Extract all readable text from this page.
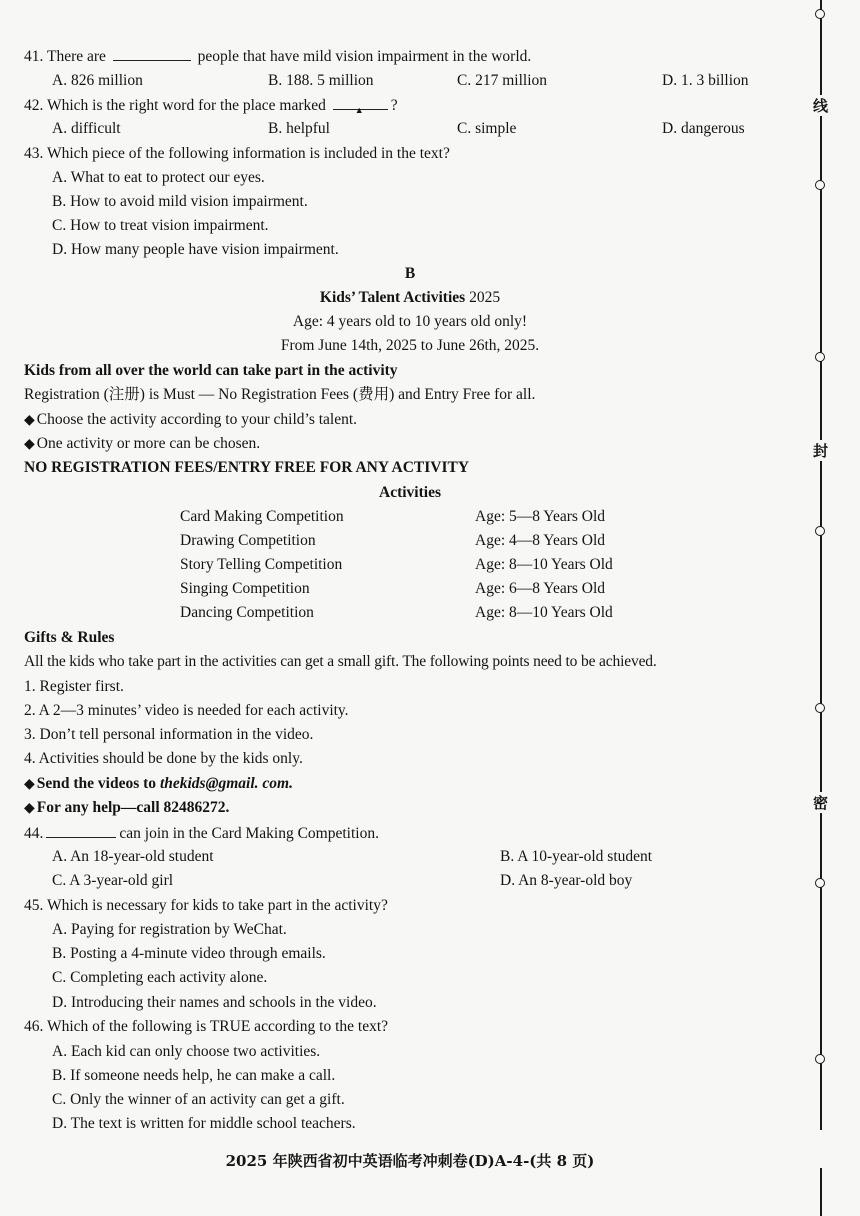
41. There are	people that have mild vision impairment in the world.
A. 826 million	B. 188. 5 million	C. 217 million	D. 1. 3 billion
42. Which is the right word for the place marked	▲ ?
A. difficult	B. helpful	C. simple	D. dangerous
43. Which piece of the following information is included in the text?
A. What to eat to protect our eyes.
B. How to avoid mild vision impairment.
C. How to treat vision impairment.
D. How many people have vision impairment.
B
Kids’ Talent Activities 2025
Age: 4 years old to 10 years old only!
From June 14th, 2025 to June 26th, 2025.
Kids from all over the world can take part in the activity
Registration (注册) is Must — No Registration Fees (费用) and Entry Free for all.
◆ Choose the activity according to your child’s talent.
◆ One activity or more can be chosen.
NO REGISTRATION FEES/ENTRY FREE FOR ANY ACTIVITY
Activities
Card Making Competition	Age: 5—8 Years Old
Drawing Competition	Age: 4—8 Years Old
Story Telling Competition	Age: 8—10 Years Old
Singing Competition	Age: 6—8 Years Old
Dancing Competition	Age: 8—10 Years Old
Gifts & Rules
All the kids who take part in the activities can get a small gift. The following points need to be achieved.
1. Register first.
2. A 2—3 minutes’ video is needed for each activity.
3. Don’t tell personal information in the video.
4. Activities should be done by the kids only.
◆ Send the videos to thekids@gmail. com.
◆ For any help—call 82486272.
44.	can join in the Card Making Competition.
A. An 18-year-old student	B. A 10-year-old student
C. A 3-year-old girl	D. An 8-year-old boy
45. Which is necessary for kids to take part in the activity?
A. Paying for registration by WeChat.
B. Posting a 4-minute video through emails.
C. Completing each activity alone.
D. Introducing their names and schools in the video.
46. Which of the following is TRUE according to the text?
A. Each kid can only choose two activities.
B. If someone needs help, he can make a call.
C. Only the winner of an activity can get a gift.
D. The text is written for middle school teachers.
2025 年陕西省初中英语临考冲刺卷(D)A-4-(共 8 页)
线
封
密
